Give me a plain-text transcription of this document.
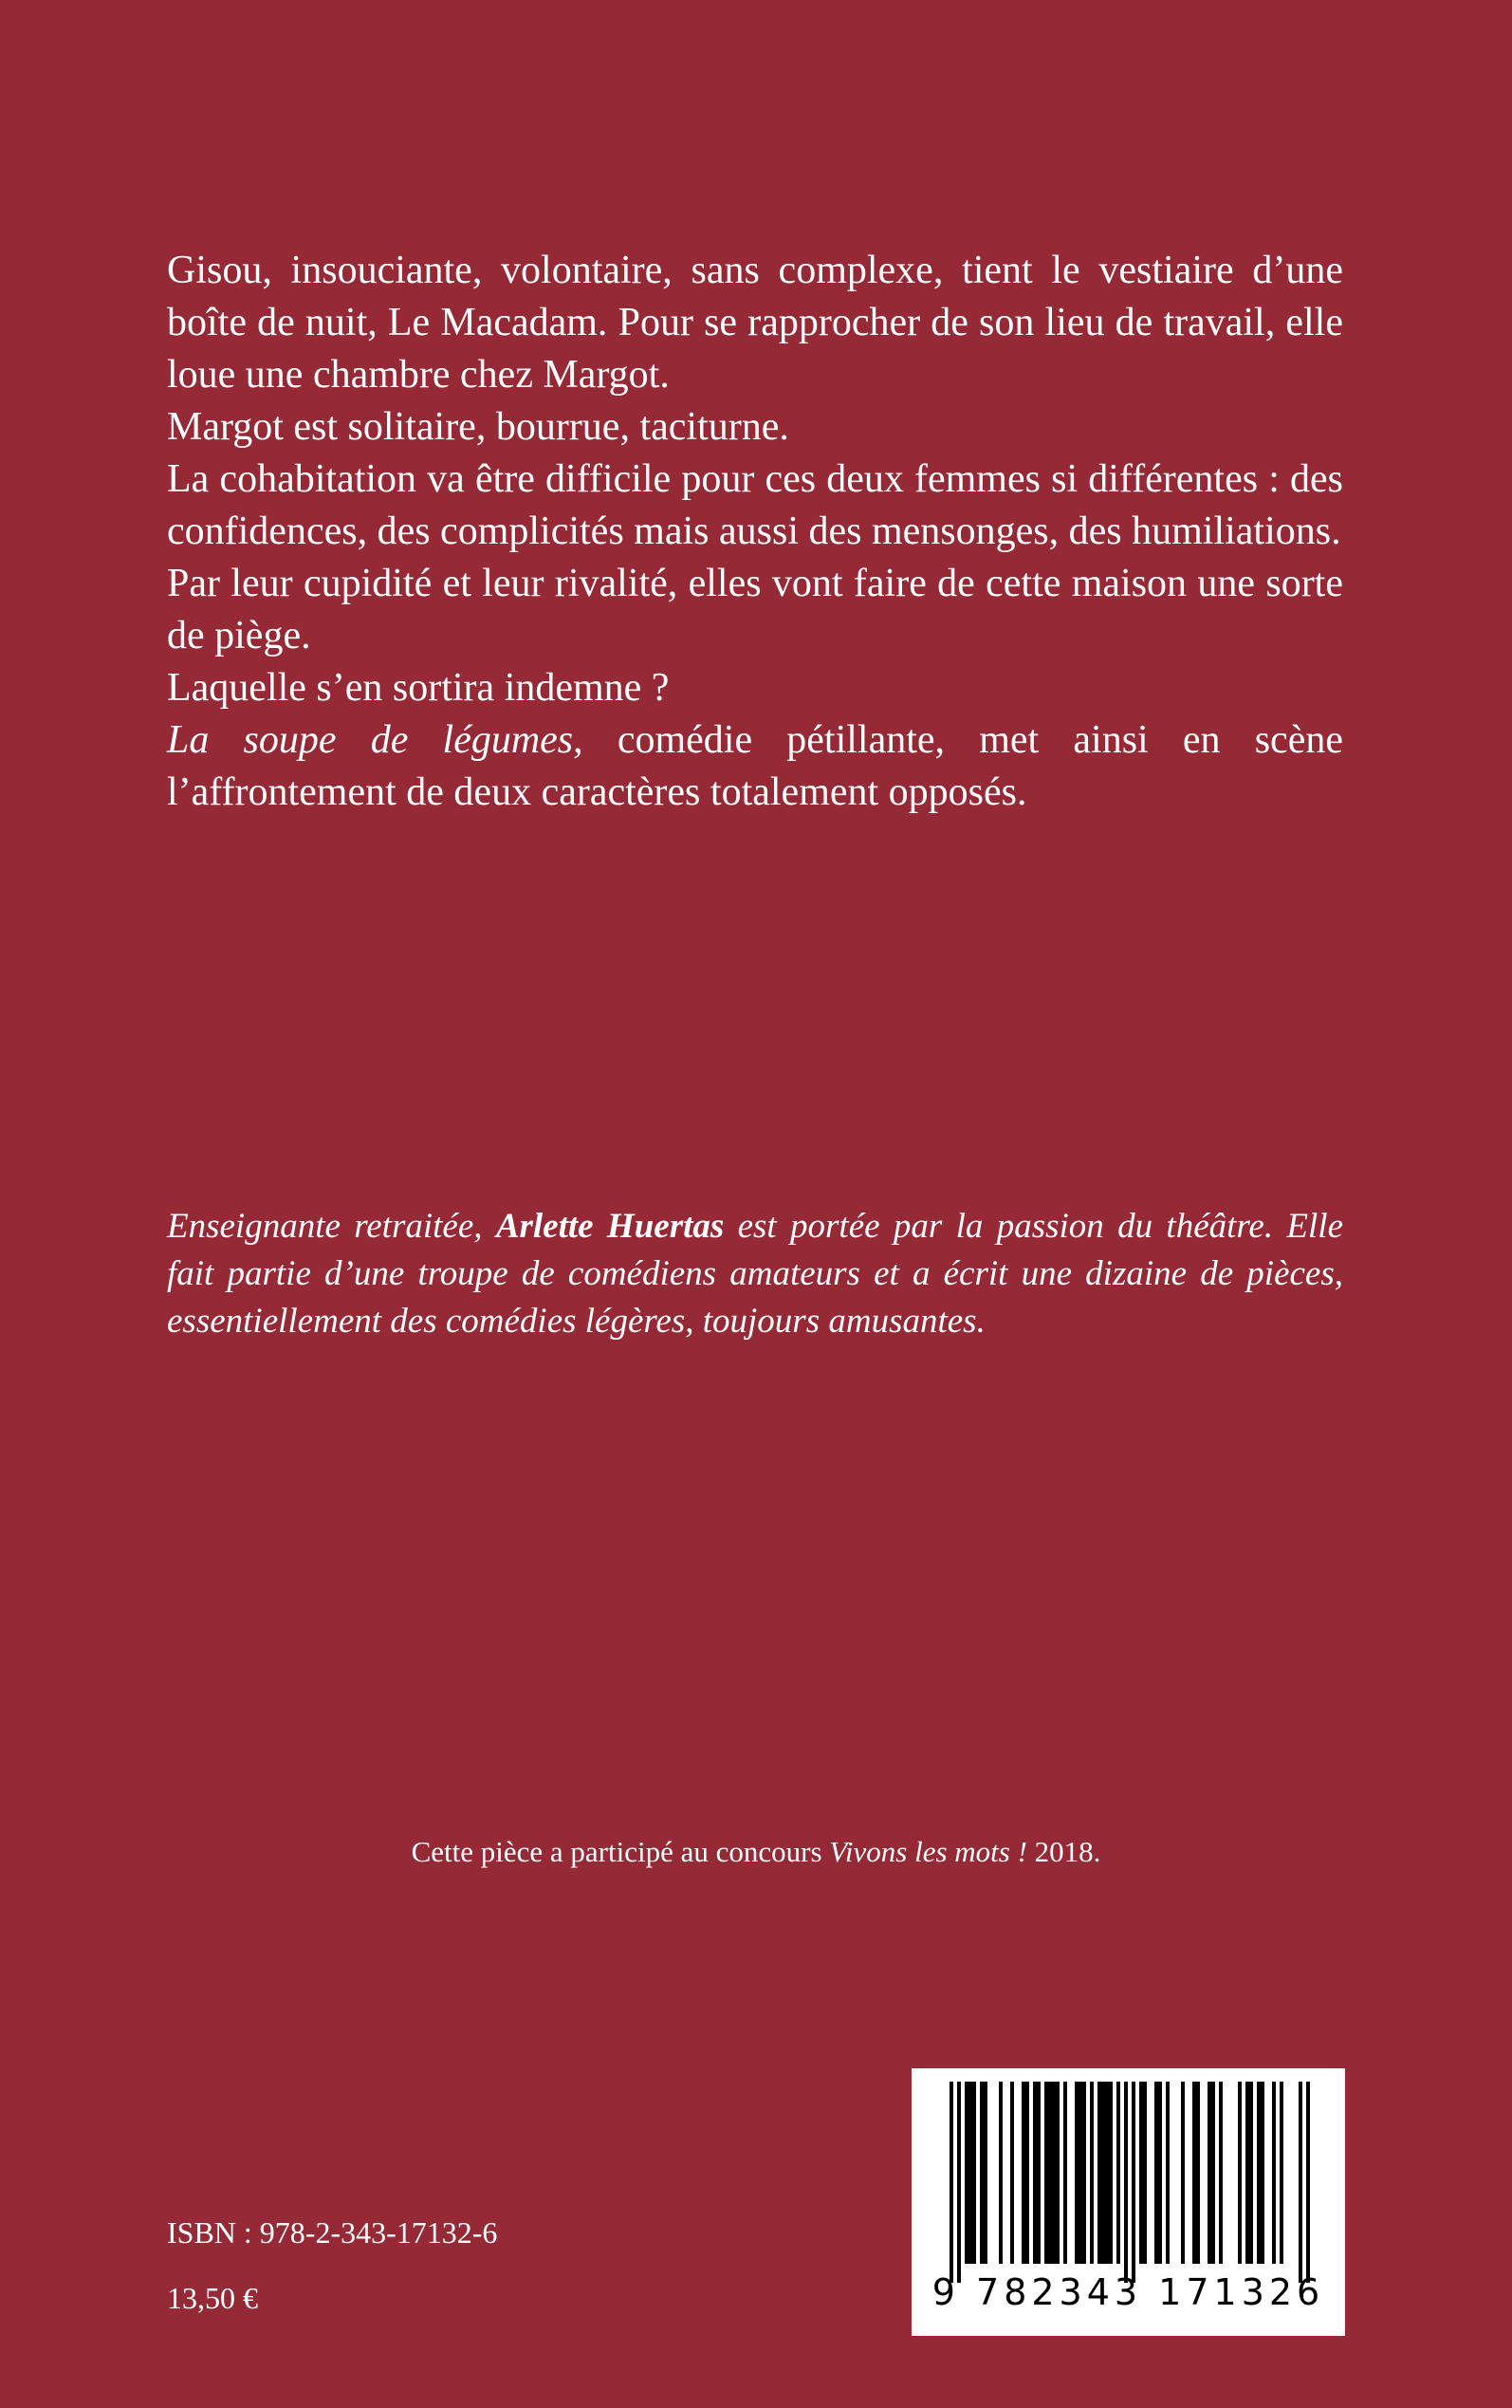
Gisou, insouciante, volontaire, sans complexe, tient le vestiaire d’une boîte de nuit, Le Macadam. Pour se rapprocher de son lieu de travail, elle loue une chambre chez Margot.

Margot est solitaire, bourrue, taciturne.

La cohabitation va être difficile pour ces deux femmes si différentes : des confidences, des complicités mais aussi des mensonges, des humiliations.

Par leur cupidité et leur rivalité, elles vont faire de cette maison une sorte de piège.

Laquelle s’en sortira indemne ?

La soupe de légumes, comédie pétillante, met ainsi en scène l’affrontement de deux caractères totalement opposés.

Enseignante retraitée, Arlette Huertas est portée par la passion du théâtre. Elle fait partie d’une troupe de comédiens amateurs et a écrit une dizaine de pièces, essentiellement des comédies légères, toujours amusantes.
Cette pièce a participé au concours Vivons les mots ! 2018.
ISBN : 978-2-343-17132-6
13,50 €	9 782343 171326
